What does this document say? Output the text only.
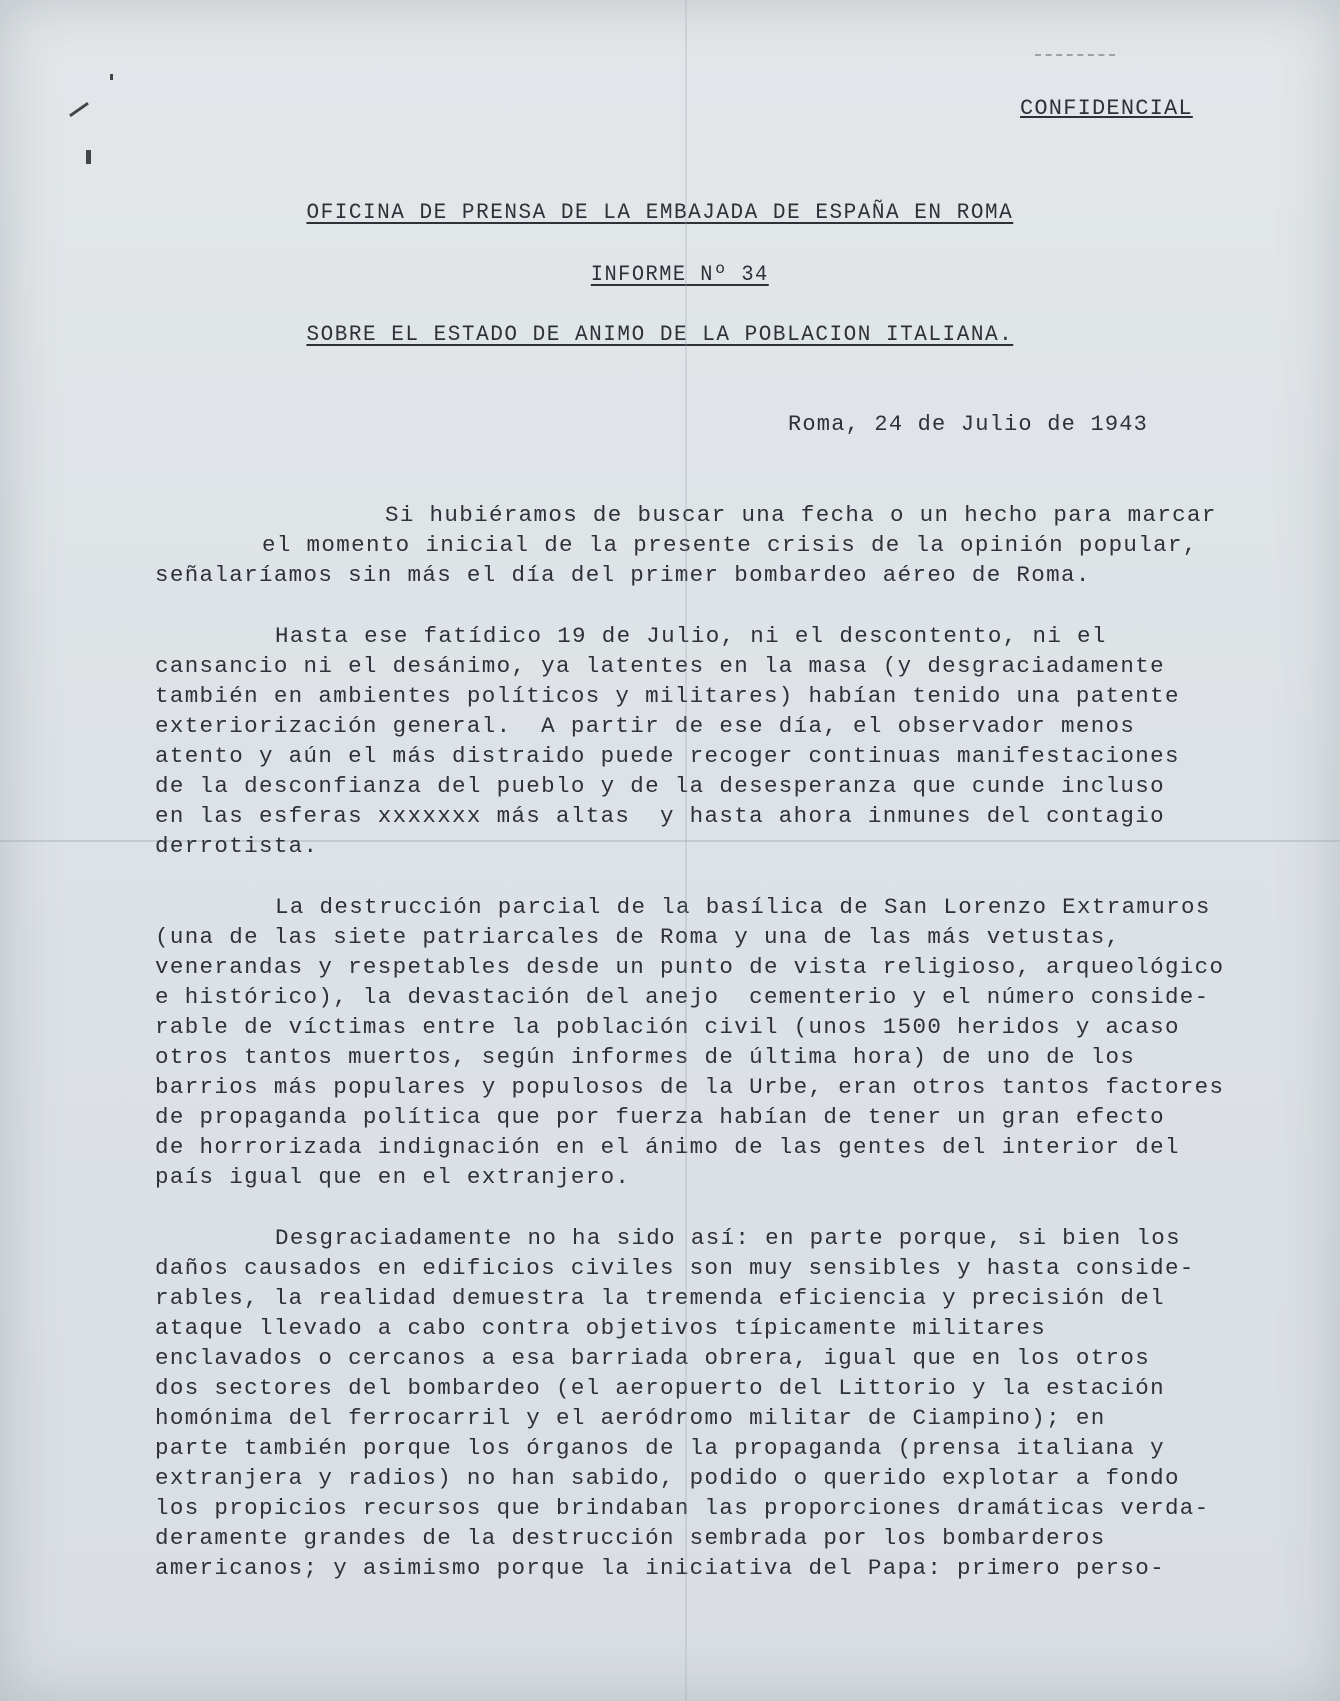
CONFIDENCIAL
OFICINA DE PRENSA DE LA EMBAJADA DE ESPAÑA EN ROMA
INFORME Nº 34
SOBRE EL ESTADO DE ANIMO DE LA POBLACION ITALIANA.
Roma, 24 de Julio de 1943
Si hubiéramos de buscar una fecha o un hecho para marcar
el momento inicial de la presente crisis de la opinión popular,
señalaríamos sin más el día del primer bombardeo aéreo de Roma.
Hasta ese fatídico 19 de Julio, ni el descontento, ni el
cansancio ni el desánimo, ya latentes en la masa (y desgraciadamente
también en ambientes políticos y militares) habían tenido una patente
exteriorización general.  A partir de ese día, el observador menos
atento y aún el más distraido puede recoger continuas manifestaciones
de la desconfianza del pueblo y de la desesperanza que cunde incluso
en las esferas xxxxxxx más altas  y hasta ahora inmunes del contagio
derrotista.
La destrucción parcial de la basílica de San Lorenzo Extramuros
(una de las siete patriarcales de Roma y una de las más vetustas,
venerandas y respetables desde un punto de vista religioso, arqueológico
e histórico), la devastación del anejo  cementerio y el número conside-
rable de víctimas entre la población civil (unos 1500 heridos y acaso
otros tantos muertos, según informes de última hora) de uno de los
barrios más populares y populosos de la Urbe, eran otros tantos factores
de propaganda política que por fuerza habían de tener un gran efecto
de horrorizada indignación en el ánimo de las gentes del interior del
país igual que en el extranjero.
Desgraciadamente no ha sido así: en parte porque, si bien los
daños causados en edificios civiles son muy sensibles y hasta conside-
rables, la realidad demuestra la tremenda eficiencia y precisión del
ataque llevado a cabo contra objetivos típicamente militares
enclavados o cercanos a esa barriada obrera, igual que en los otros
dos sectores del bombardeo (el aeropuerto del Littorio y la estación
homónima del ferrocarril y el aeródromo militar de Ciampino); en
parte también porque los órganos de la propaganda (prensa italiana y
extranjera y radios) no han sabido, podido o querido explotar a fondo
los propicios recursos que brindaban las proporciones dramáticas verda-
deramente grandes de la destrucción sembrada por los bombarderos
americanos; y asimismo porque la iniciativa del Papa: primero perso-
